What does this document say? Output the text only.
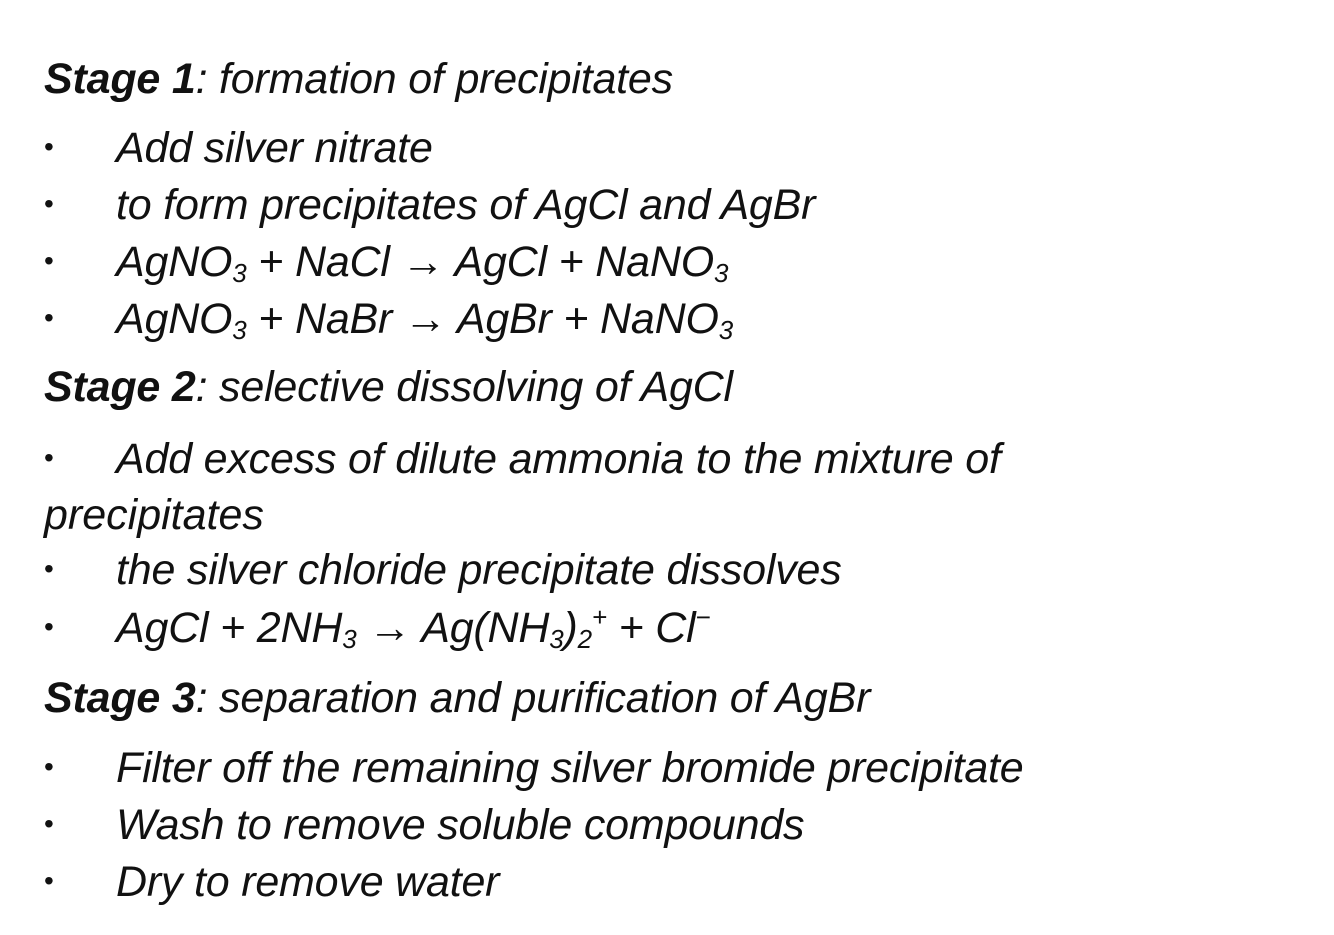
Stage 1: formation of precipitates
• Add silver nitrate
• to form precipitates of AgCl and AgBr
• AgNO$_3$ + NaCl → AgCl + NaNO$_3$
• AgNO$_3$ + NaBr → AgBr + NaNO$_3$
Stage 2: selective dissolving of AgCl
• Add excess of dilute ammonia to the mixture of
precipitates
• the silver chloride precipitate dissolves
• AgCl + $2NH_3 \to Ag(NH_3)_2^+ + Cl^-$
Stage 3: separation and purification of AgBr
• Filter off the remaining silver bromide precipitate
• Wash to remove soluble compounds
• Dry to remove water
